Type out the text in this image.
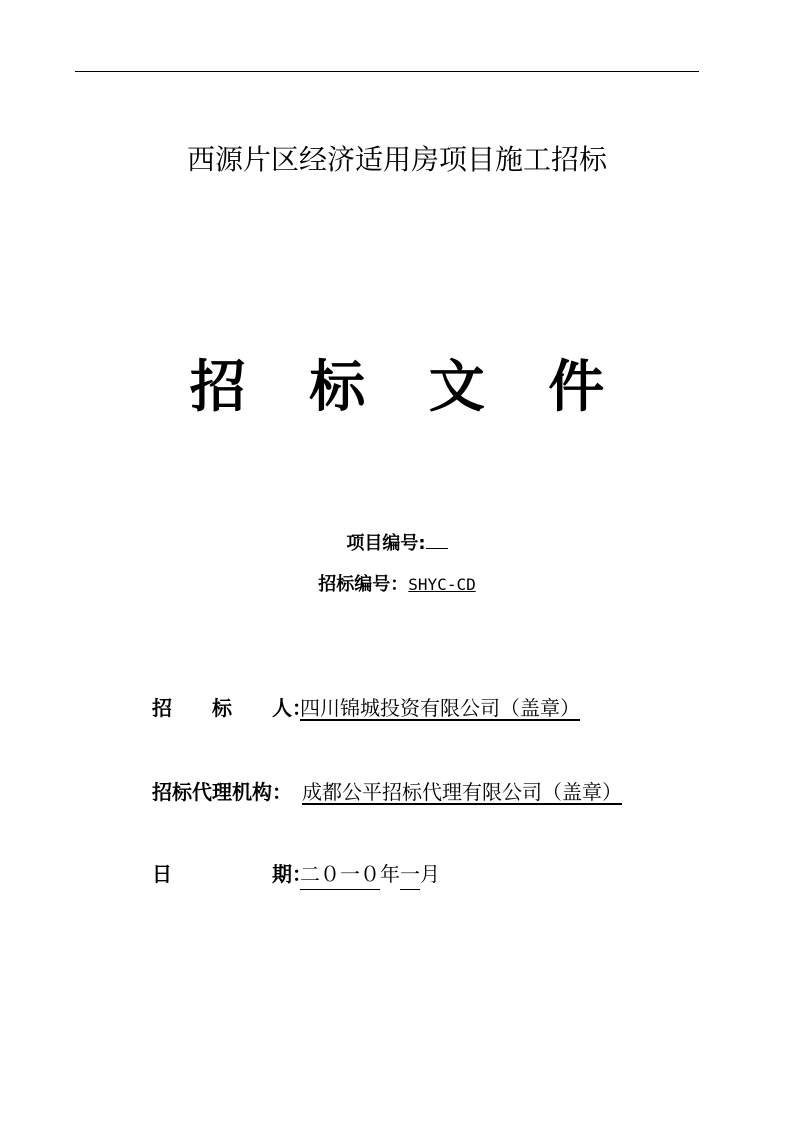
西源片区经济适用房项目施工招标
招 标 文 件
项目编号:
招标编号：SHYC-CD
招　　标　　人：四川锦城投资有限公司（盖章）
招标代理机构：成都公平招标代理有限公司（盖章）
日　　　　　期：二０一０年一月
